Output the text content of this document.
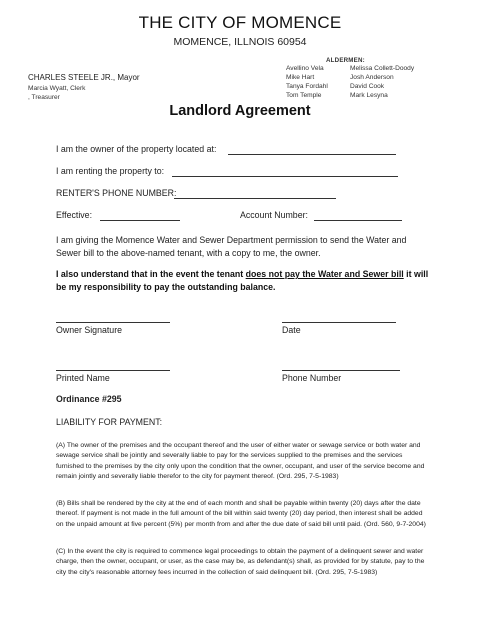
THE CITY OF MOMENCE
MOMENCE, ILLNOIS 60954
ALDERMEN:
Avellino Vela	Melissa Collett-Doody
Mike Hart	Josh Anderson
Tanya Fordahl	David Cook
Tom Temple	Mark Lesyna
CHARLES STEELE JR., Mayor
Marcia Wyatt, Clerk
, Treasurer
Landlord Agreement
I am the owner of the property located at:
I am renting the property to:
RENTER'S PHONE NUMBER:
Effective:	Account Number:
I am giving the Momence Water and Sewer Department permission to send the Water and Sewer bill to the above-named tenant, with a copy to me, the owner.
I also understand that in the event the tenant does not pay the Water and Sewer bill it will be my responsibility to pay the outstanding balance.
Owner Signature	Date
Printed Name	Phone Number
Ordinance #295
LIABILITY FOR PAYMENT:
(A) The owner of the premises and the occupant thereof and the user of either water or sewage service or both water and sewage service shall be jointly and severally liable to pay for the services supplied to the premises and the services furnished to the premises by the city only upon the condition that the owner, occupant, and user of the service become and remain jointly and severally liable therefor to the city for payment thereof. (Ord. 295, 7-5-1983)
(B) Bills shall be rendered by the city at the end of each month and shall be payable within twenty (20) days after the date thereof. If payment is not made in the full amount of the bill within said twenty (20) day period, then interest shall be added on the unpaid amount at five percent (5%) per month from and after the due date of said bill until paid. (Ord. 560, 9-7-2004)
(C) In the event the city is required to commence legal proceedings to obtain the payment of a delinquent sewer and water charge, then the owner, occupant, or user, as the case may be, as defendant(s) shall, as provided for by statute, pay to the city the city's reasonable attorney fees incurred in the collection of said delinquent bill. (Ord. 295, 7-5-1983)
